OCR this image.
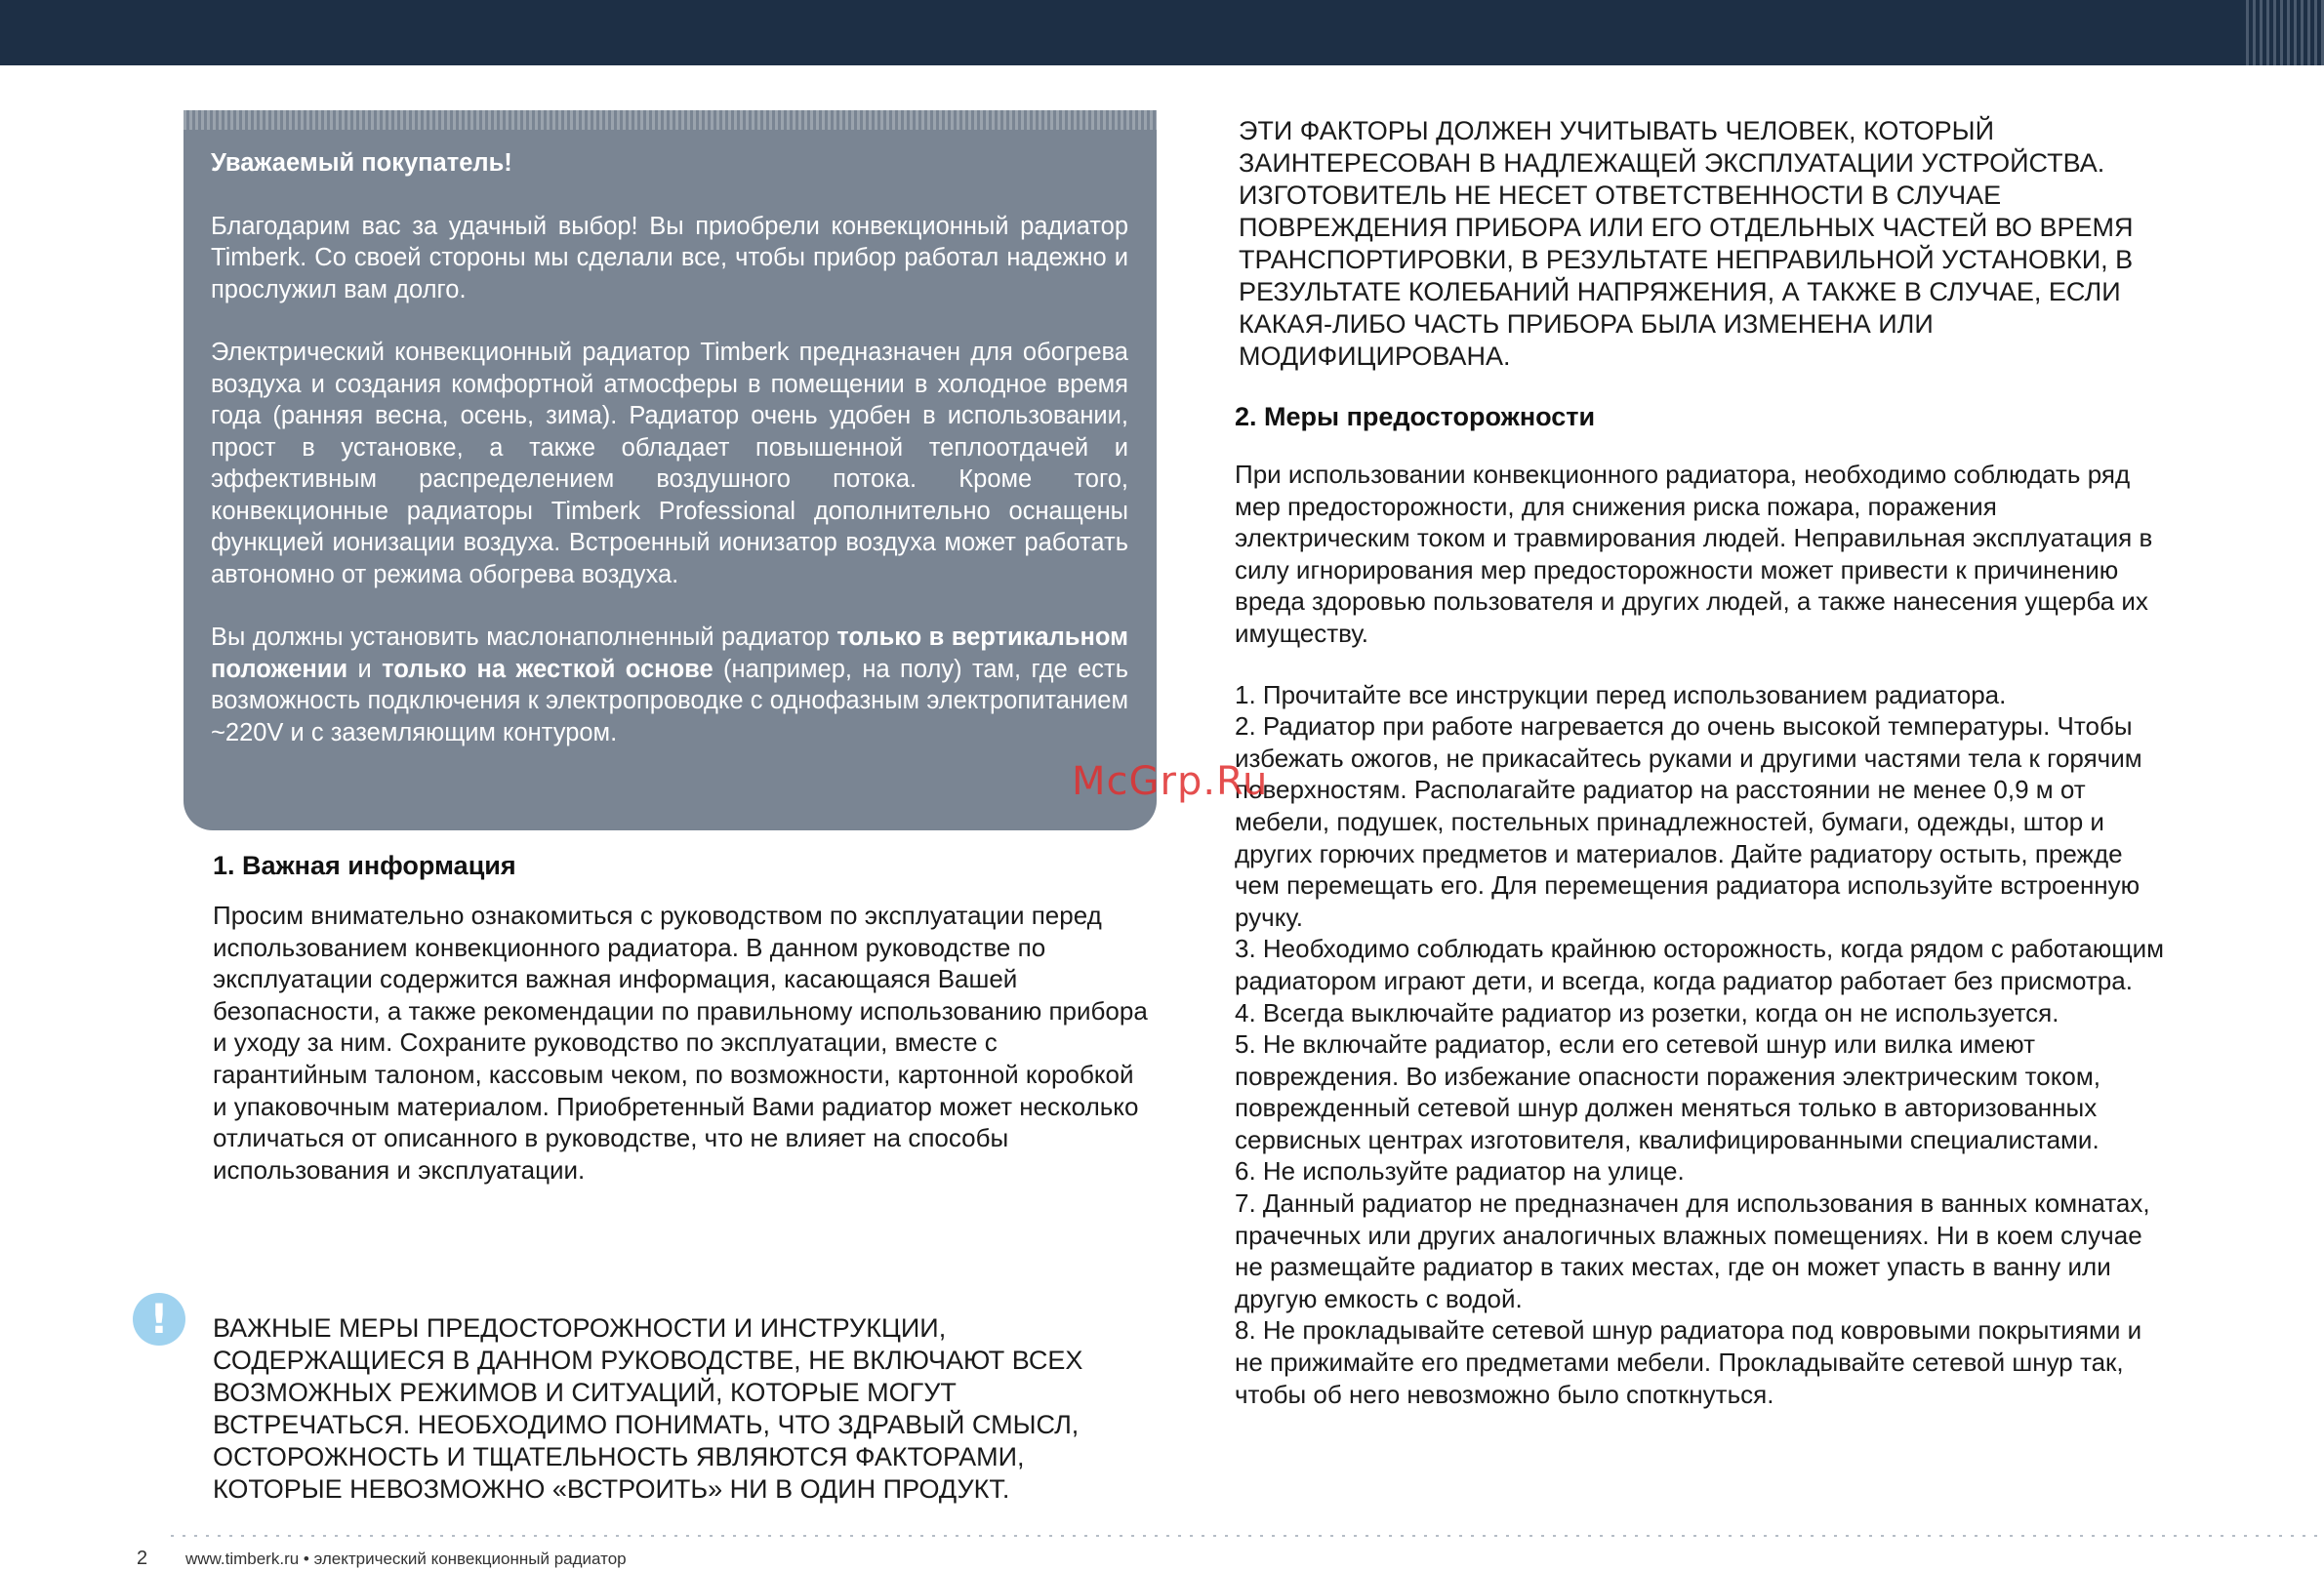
Уважаемый покупатель!

Благодарим вас за удачный выбор! Вы приобрели конвекционный радиатор Timberk. Со своей стороны мы сделали все, чтобы прибор работал надежно и прослужил вам долго.

Электрический конвекционный радиатор Timberk предназначен для обогрева воздуха и создания комфортной атмосферы в помещении в холодное время года (ранняя весна, осень, зима). Радиатор очень удобен в использовании, прост в установке, а также обладает повышенной теплоотдачей и эффективным распределением воздушного потока. Кроме того, конвекционные радиаторы Timberk Professional дополнительно оснащены функцией ионизации воздуха. Встроенный ионизатор воздуха может работать автономно от режима обогрева воздуха.

Вы должны установить маслонаполненный радиатор только в вертикальном положении и только на жесткой основе (например, на полу) там, где есть возможность подключения к электропроводке с однофазным электропитанием ~220V и с заземляющим контуром.

1. Важная информация

Просим внимательно ознакомиться с руководством по эксплуатации перед использованием конвекционного радиатора. В данном руководстве по эксплуатации содержится важная информация, касающаяся Вашей безопасности, а также рекомендации по правильному использованию прибора и уходу за ним. Сохраните руководство по эксплуатации, вместе с гарантийным талоном, кассовым чеком, по возможности, картонной коробкой и упаковочным материалом. Приобретенный Вами радиатор может несколько отличаться от описанного в руководстве, что не влияет на способы использования и эксплуатации.

!	ВАЖНЫЕ МЕРЫ ПРЕДОСТОРОЖНОСТИ И ИНСТРУКЦИИ, СОДЕРЖАЩИЕСЯ В ДАННОМ РУКОВОДСТВЕ, НЕ ВКЛЮЧАЮТ ВСЕХ ВОЗМОЖНЫХ РЕЖИМОВ И СИТУАЦИЙ, КОТОРЫЕ МОГУТ ВСТРЕЧАТЬСЯ. НЕОБХОДИМО ПОНИМАТЬ, ЧТО ЗДРАВЫЙ СМЫСЛ, ОСТОРОЖНОСТЬ И ТЩАТЕЛЬНОСТЬ ЯВЛЯЮТСЯ ФАКТОРАМИ, КОТОРЫЕ НЕВОЗМОЖНО «ВСТРОИТЬ» НИ В ОДИН ПРОДУКТ.

ЭТИ ФАКТОРЫ ДОЛЖЕН УЧИТЫВАТЬ ЧЕЛОВЕК, КОТОРЫЙ ЗАИНТЕРЕСОВАН В НАДЛЕЖАЩЕЙ ЭКСПЛУАТАЦИИ УСТРОЙСТВА. ИЗГОТОВИТЕЛЬ НЕ НЕСЕТ ОТВЕТСТВЕННОСТИ В СЛУЧАЕ ПОВРЕЖДЕНИЯ ПРИБОРА ИЛИ ЕГО ОТДЕЛЬНЫХ ЧАСТЕЙ ВО ВРЕМЯ ТРАНСПОРТИРОВКИ, В РЕЗУЛЬТАТЕ НЕПРАВИЛЬНОЙ УСТАНОВКИ, В РЕЗУЛЬТАТЕ КОЛЕБАНИЙ НАПРЯЖЕНИЯ, А ТАКЖЕ В СЛУЧАЕ, ЕСЛИ КАКАЯ-ЛИБО ЧАСТЬ ПРИБОРА БЫЛА ИЗМЕНЕНА ИЛИ МОДИФИЦИРОВАНА.

2. Меры предосторожности

При использовании конвекционного радиатора, необходимо соблюдать ряд мер предосторожности, для снижения риска пожара, поражения электрическим током и травмирования людей. Неправильная эксплуатация в силу игнорирования мер предосторожности может привести к причинению вреда здоровью пользователя и других людей, а также нанесения ущерба их имуществу.

1. Прочитайте все инструкции перед использованием радиатора.

2. Радиатор при работе нагревается до очень высокой температуры. Чтобы избежать ожогов, не прикасайтесь руками и другими частями тела к горячим поверхностям. Располагайте радиатор на расстоянии не менее 0,9 м от мебели, подушек, постельных принадлежностей, бумаги, одежды, штор и других горючих предметов и материалов. Дайте радиатору остыть, прежде чем перемещать его. Для перемещения радиатора используйте встроенную ручку.

3. Необходимо соблюдать крайнюю осторожность, когда рядом с работающим радиатором играют дети, и всегда, когда радиатор работает без присмотра.

4. Всегда выключайте радиатор из розетки, когда он не используется.

5. Не включайте радиатор, если его сетевой шнур или вилка имеют повреждения. Во избежание опасности поражения электрическим током, поврежденный сетевой шнур должен меняться только в авторизованных сервисных центрах изготовителя, квалифицированными специалистами.

6. Не используйте радиатор на улице.

7. Данный радиатор не предназначен для использования в ванных комнатах, прачечных или других аналогичных влажных помещениях. Ни в коем случае не размещайте радиатор в таких местах, где он может упасть в ванну или другую емкость с водой.

8. Не прокладывайте сетевой шнур радиатора под ковровыми покрытиями и не прижимайте его предметами мебели. Прокладывайте сетевой шнур так, чтобы об него невозможно было споткнуться.

McGrp.Ru
2 www.timberk.ru • электрический конвекционный радиатор
